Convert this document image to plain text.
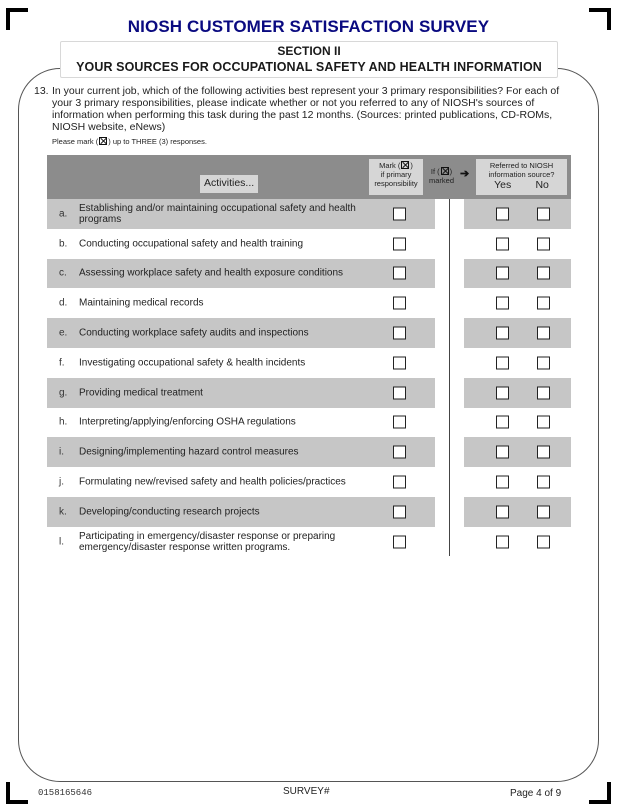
NIOSH CUSTOMER SATISFACTION SURVEY
SECTION II
YOUR SOURCES FOR OCCUPATIONAL SAFETY AND HEALTH INFORMATION
13. In your current job, which of the following activities best represent your 3 primary responsibilities? For each of your 3 primary responsibilities, please indicate whether or not you referred to any of NIOSH's sources of information when performing this task during the past 12 months. (Sources: printed publications, CD-ROMs, NIOSH website, eNews)
Please mark ( ) up to THREE (3) responses.
Activities...
Mark ( )
if primary
responsibility
If ( )
marked
➔
Referred to NIOSH
information source?
Yes No
a. Establishing and/or maintaining occupational safety and health programs
b. Conducting occupational safety and health training
c. Assessing workplace safety and health exposure conditions
d. Maintaining medical records
e. Conducting workplace safety audits and inspections
f. Investigating occupational safety & health incidents
g. Providing medical treatment
h. Interpreting/applying/enforcing OSHA regulations
i. Designing/implementing hazard control measures
j. Formulating new/revised safety and health policies/practices
k. Developing/conducting research projects
l. Participating in emergency/disaster response or preparing emergency/disaster response written programs.
0158165646	SURVEY#	Page 4 of 9
